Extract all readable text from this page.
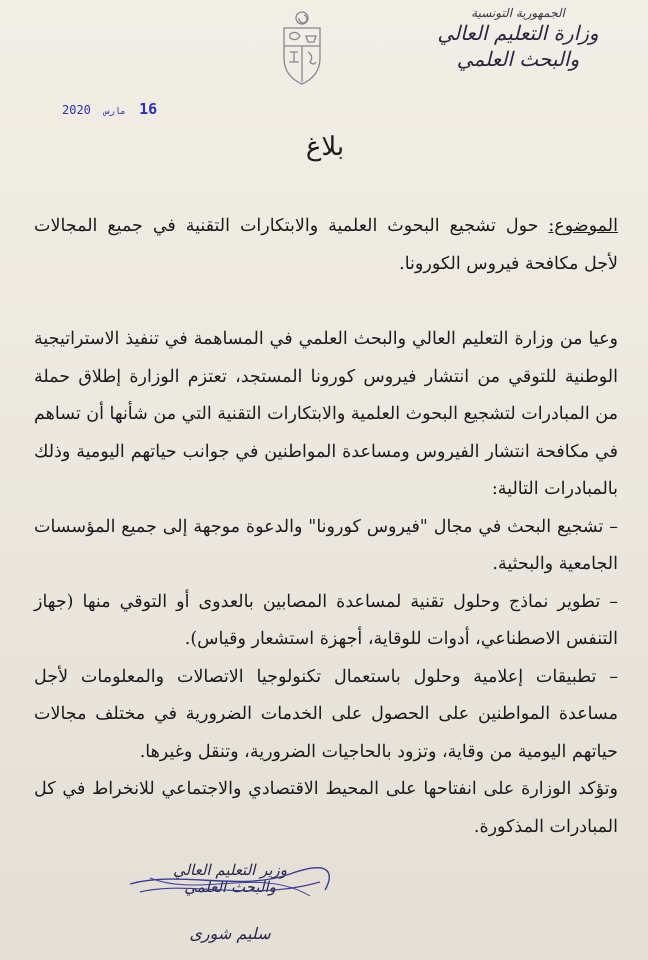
الجمهورية التونسية
وزارة التعليم العالي
والبحث العلمي
16 مارس 2020
بلاغ

الموضوع: حول تشجيع البحوث العلمية والابتكارات التقنية في جميع المجالات لأجل مكافحة فيروس الكورونا.

وعيا من وزارة التعليم العالي والبحث العلمي في المساهمة في تنفيذ الاستراتيجية الوطنية للتوقي من انتشار فيروس كورونا المستجد، تعتزم الوزارة إطلاق حملة من المبادرات لتشجيع البحوث العلمية والابتكارات التقنية التي من شأنها أن تساهم في مكافحة انتشار الفيروس ومساعدة المواطنين في جوانب حياتهم اليومية وذلك بالمبادرات التالية:

– تشجيع البحث في مجال "فيروس كورونا" والدعوة موجهة إلى جميع المؤسسات الجامعية والبحثية.

– تطوير نماذج وحلول تقنية لمساعدة المصابين بالعدوى أو التوقي منها (جهاز التنفس الاصطناعي، أدوات للوقاية، أجهزة استشعار وقياس).

– تطبيقات إعلامية وحلول باستعمال تكنولوجيا الاتصالات والمعلومات لأجل مساعدة المواطنين على الحصول على الخدمات الضرورية في مختلف مجالات حياتهم اليومية من وقاية، وتزود بالحاجيات الضرورية، وتنقل وغيرها.

وتؤكد الوزارة على انفتاحها على المحيط الاقتصادي والاجتماعي للانخراط في كل المبادرات المذكورة.

وزير التعليم العالي
والبحث العلمي
سليم شورى
